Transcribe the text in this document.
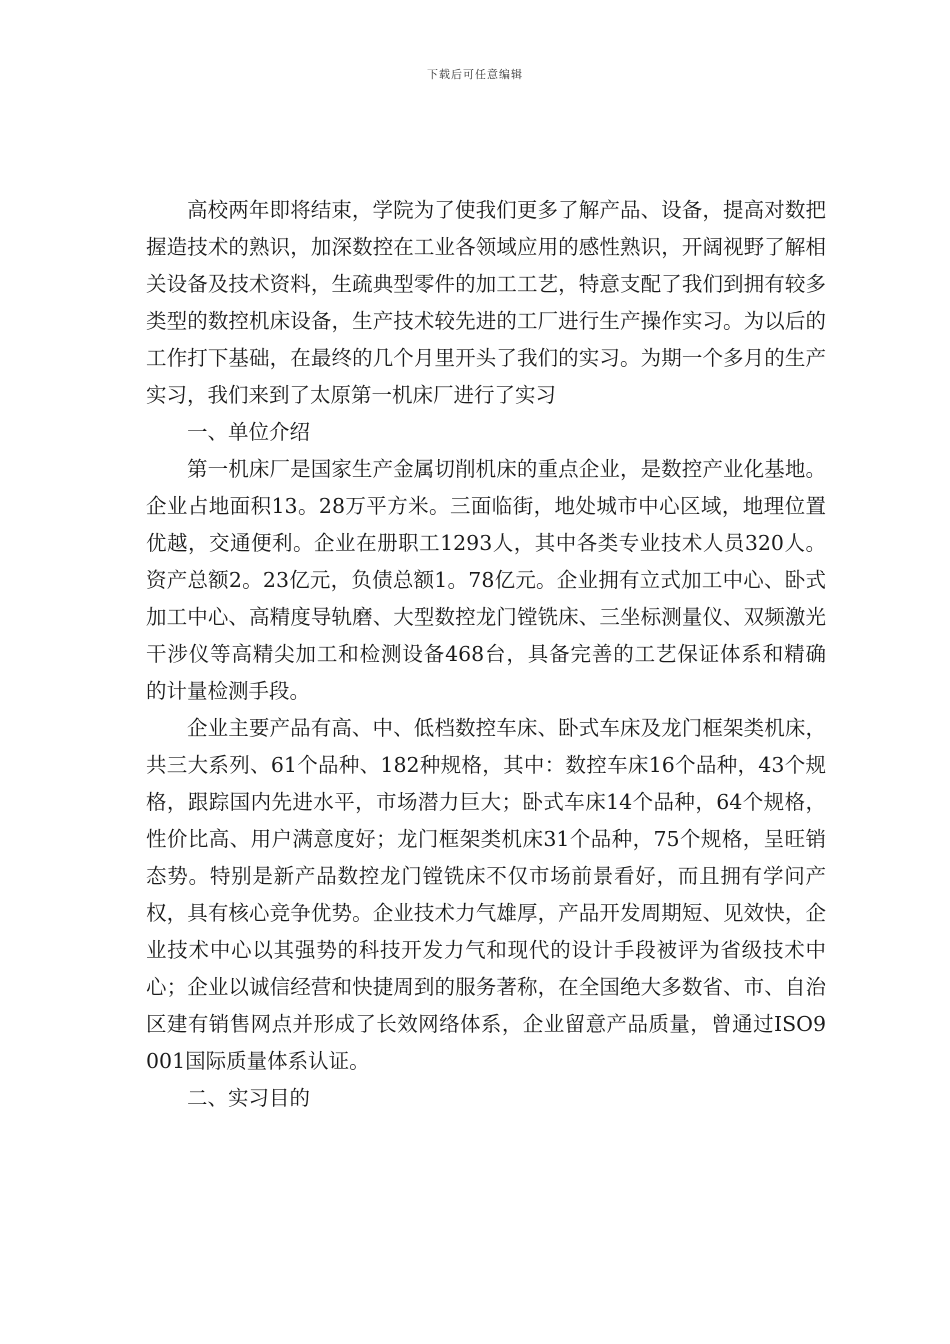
下载后可任意编辑

高校两年即将结束，学院为了使我们更多了解产品、设备，提高对数把握造技术的熟识，加深数控在工业各领域应用的感性熟识，开阔视野了解相关设备及技术资料，生疏典型零件的加工工艺，特意支配了我们到拥有较多类型的数控机床设备，生产技术较先进的工厂进行生产操作实习。为以后的工作打下基础，在最终的几个月里开头了我们的实习。为期一个多月的生产实习，我们来到了太原第一机床厂进行了实习

一、单位介绍

第一机床厂是国家生产金属切削机床的重点企业，是数控产业化基地。企业占地面积13。28万平方米。三面临街，地处城市中心区域，地理位置优越，交通便利。企业在册职工1293人，其中各类专业技术人员320人。资产总额2。23亿元，负债总额1。78亿元。企业拥有立式加工中心、卧式加工中心、高精度导轨磨、大型数控龙门镗铣床、三坐标测量仪、双频激光干涉仪等高精尖加工和检测设备468台，具备完善的工艺保证体系和精确　的计量检测手段。

企业主要产品有高、中、低档数控车床、卧式车床及龙门框架类机床，共三大系列、61个品种、182种规格，其中：数控车床16个品种，43个规格，跟踪国内先进水平，市场潜力巨大；卧式车床14个品种，64个规格，性价比高、用户满意度好；龙门框架类机床31个品种，75个规格，呈旺销态势。特别是新产品数控龙门镗铣床不仅市场前景看好，而且拥有学问产权，具有核心竞争优势。企业技术力气雄厚，产品开发周期短、见效快，企业技术中心以其强势的科技开发力气和现代的设计手段被评为省级技术中心；企业以诚信经营和快捷周到的服务著称，在全国绝大多数省、市、自治区建有销售网点并形成了长效网络体系，企业留意产品质量，曾通过ISO9001国际质量体系认证。

二、实习目的
